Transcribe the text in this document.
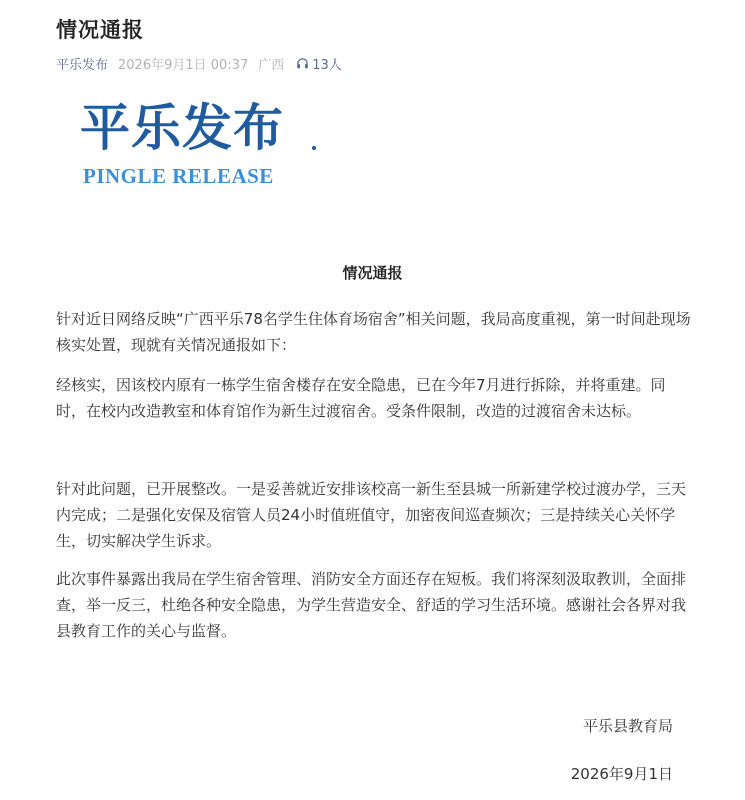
情况通报
平乐发布 2026年9月1日 00:37 广西 13人
平乐发布
PINGLE RELEASE
情况通报

针对近日网络反映“广西平乐78名学生住体育场宿舍”相关问题，我局高度重视，第一时间赴现场核实处置，现就有关情况通报如下：

经核实，因该校内原有一栋学生宿舍楼存在安全隐患，已在今年7月进行拆除，并将重建。同时，在校内改造教室和体育馆作为新生过渡宿舍。受条件限制，改造的过渡宿舍未达标。

针对此问题，已开展整改。一是妥善就近安排该校高一新生至县城一所新建学校过渡办学，三天内完成；二是强化安保及宿管人员24小时值班值守，加密夜间巡查频次；三是持续关心关怀学生，切实解决学生诉求。

此次事件暴露出我局在学生宿舍管理、消防安全方面还存在短板。我们将深刻汲取教训，全面排查，举一反三，杜绝各种安全隐患，为学生营造安全、舒适的学习生活环境。感谢社会各界对我县教育工作的关心与监督。

平乐县教育局
2026年9月1日
